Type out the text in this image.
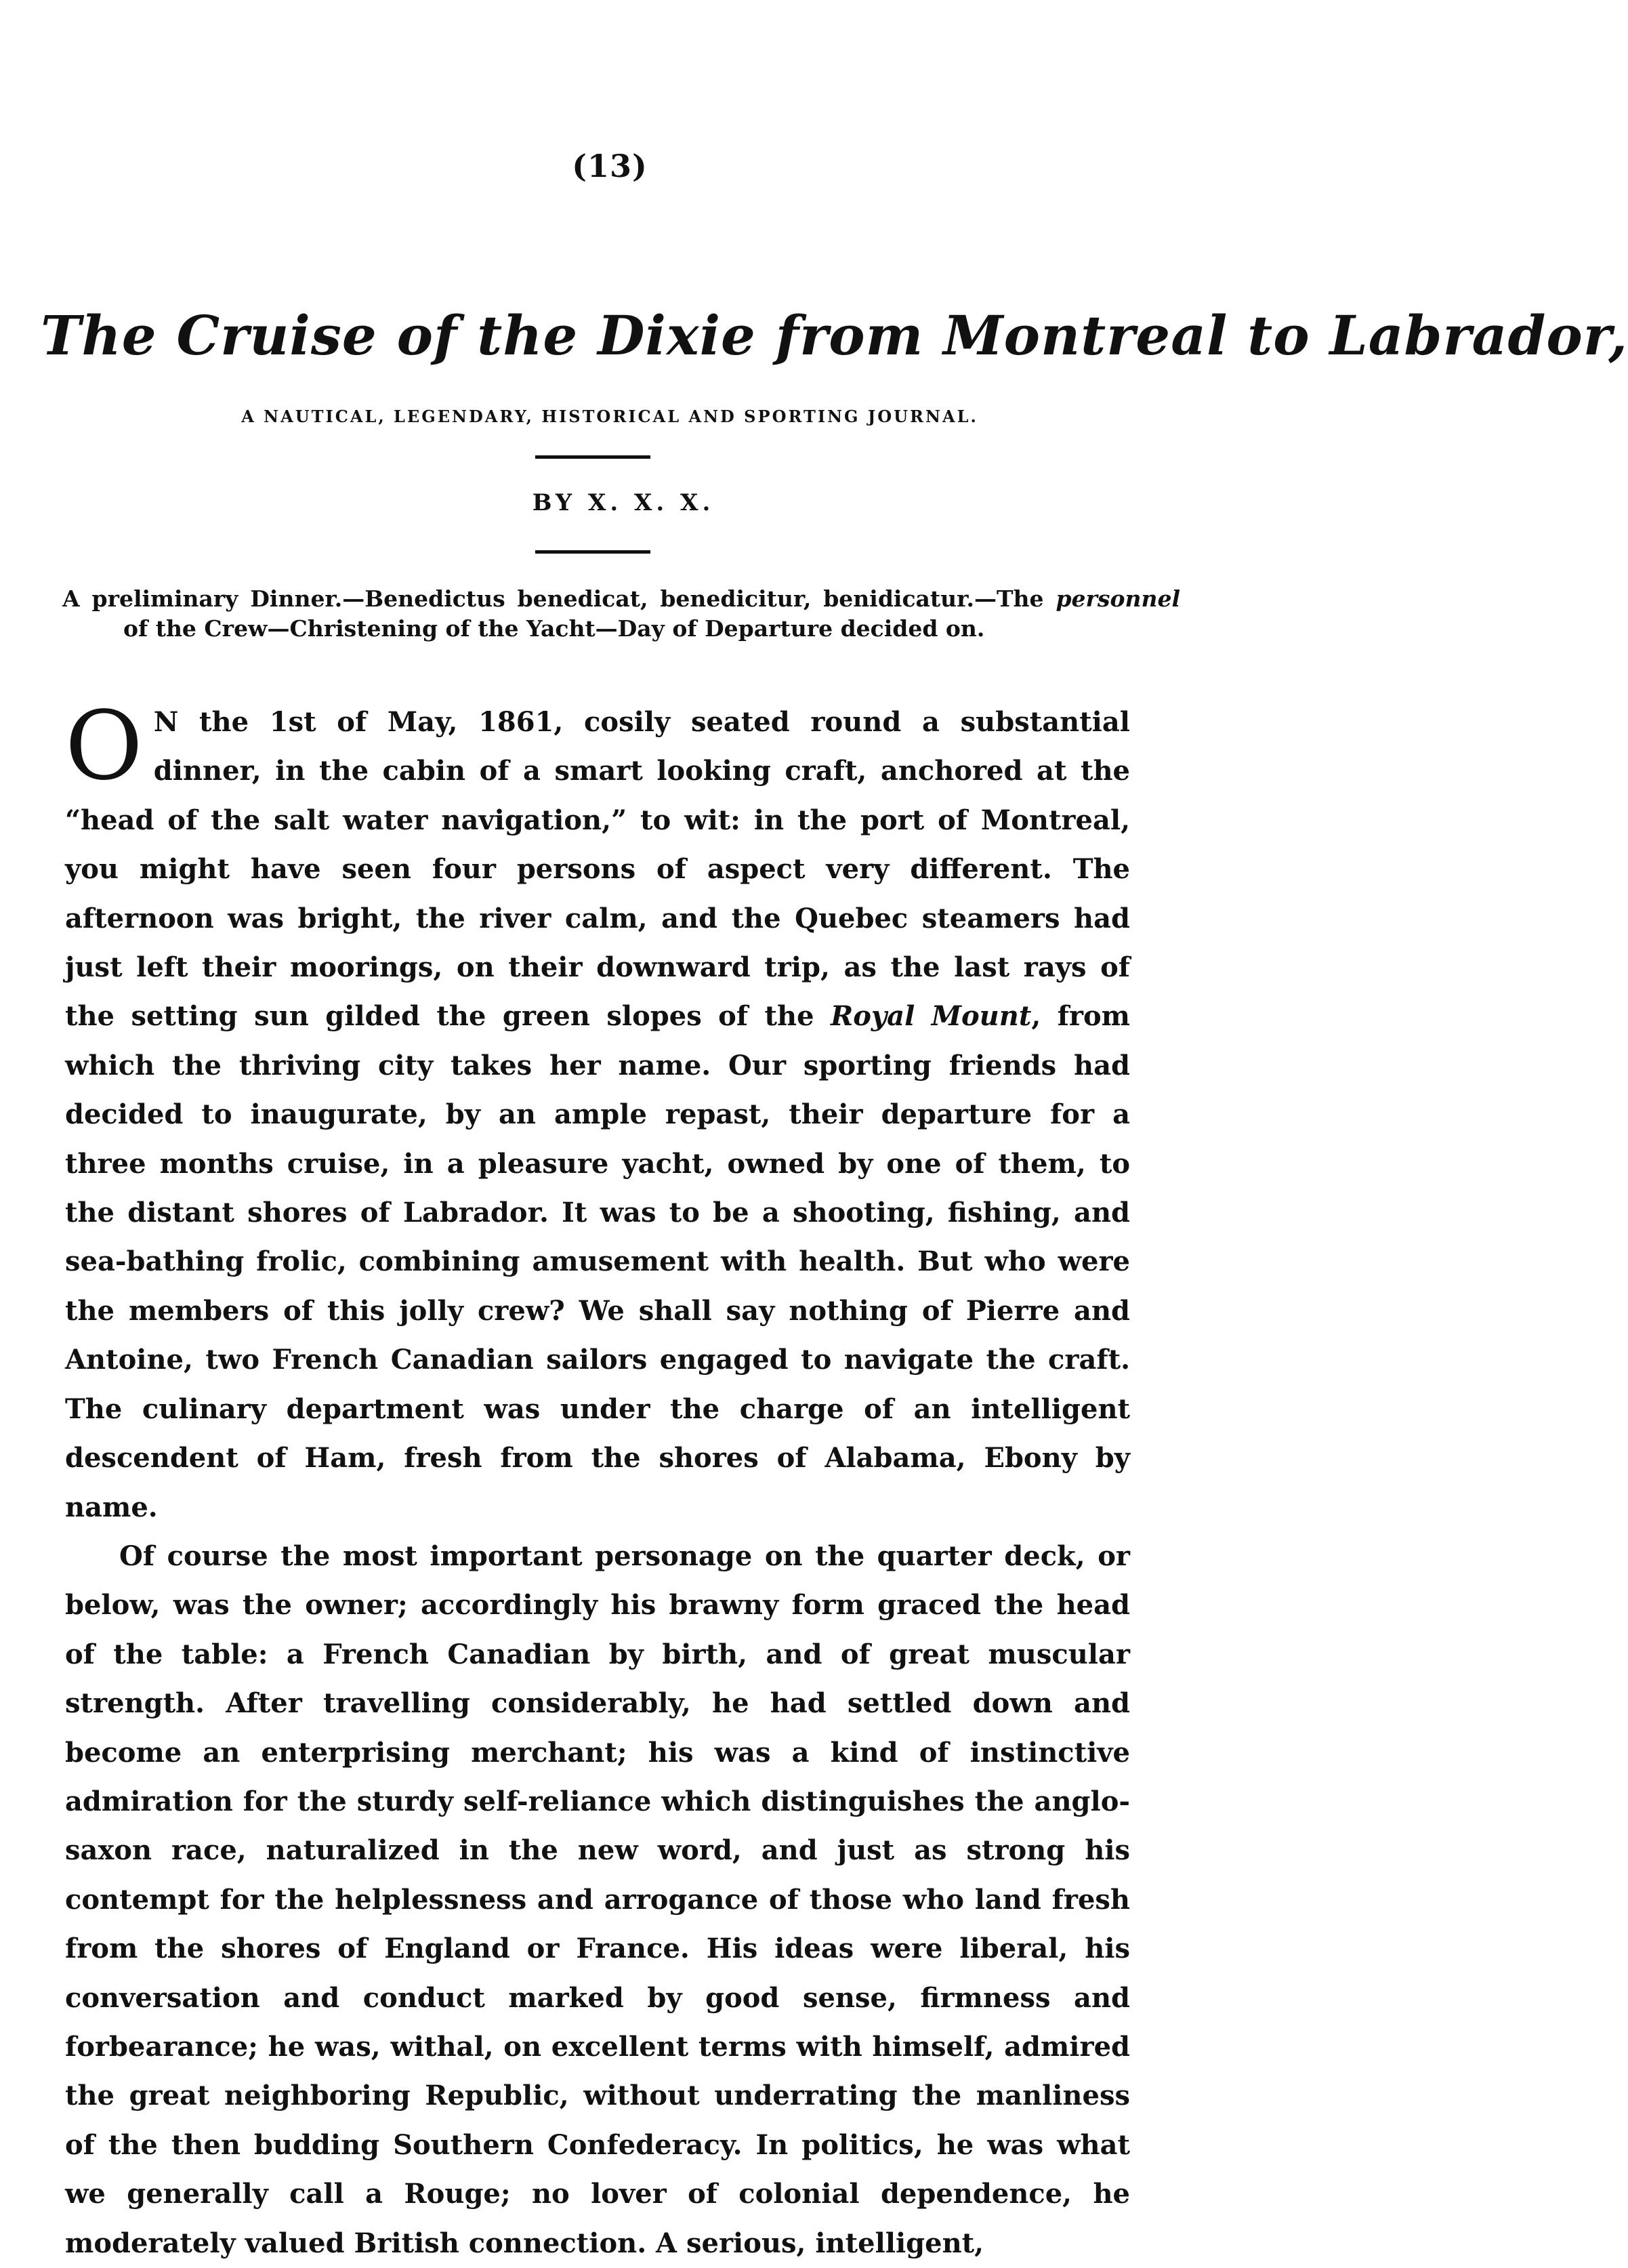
(13)
The Cruise of the Dixie from Montreal to Labrador,
A NAUTICAL, LEGENDARY, HISTORICAL AND SPORTING JOURNAL.
BY X. X. X.
A preliminary Dinner.—Benedictus benedicat, benedicitur, benidicatur.—The personnel of the Crew—Christening of the Yacht—Day of Departure decided on.

O N the 1st of May, 1861, cosily seated round a substantial dinner, in the cabin of a smart looking craft, anchored at the “head of the salt water navigation,” to wit: in the port of Montreal, you might have seen four persons of aspect very different. The afternoon was bright, the river calm, and the Quebec steamers had just left their moorings, on their downward trip, as the last rays of the setting sun gilded the green slopes of the Royal Mount, from which the thriving city takes her name. Our sporting friends had decided to inaugurate, by an ample repast, their departure for a three months cruise, in a pleasure yacht, owned by one of them, to the distant shores of Labrador. It was to be a shooting, fishing, and sea-bathing frolic, combining amusement with health. But who were the members of this jolly crew? We shall say nothing of Pierre and Antoine, two French Canadian sailors engaged to navigate the craft. The culinary department was under the charge of an intelligent descendent of Ham, fresh from the shores of Alabama, Ebony by name.

Of course the most important personage on the quarter deck, or below, was the owner; accordingly his brawny form graced the head of the table: a French Canadian by birth, and of great muscular strength. After travelling considerably, he had settled down and become an enterprising merchant; his was a kind of instinctive admiration for the sturdy self-reliance which distinguishes the anglo-saxon race, naturalized in the new word, and just as strong his contempt for the helplessness and arrogance of those who land fresh from the shores of England or France. His ideas were liberal, his conversation and conduct marked by good sense, firmness and forbearance; he was, withal, on excellent terms with himself, admired the great neighboring Republic, without underrating the manliness of the then budding Southern Confederacy. In politics, he was what we generally call a Rouge; no lover of colonial dependence, he moderately valued British connection. A serious, intelligent,
